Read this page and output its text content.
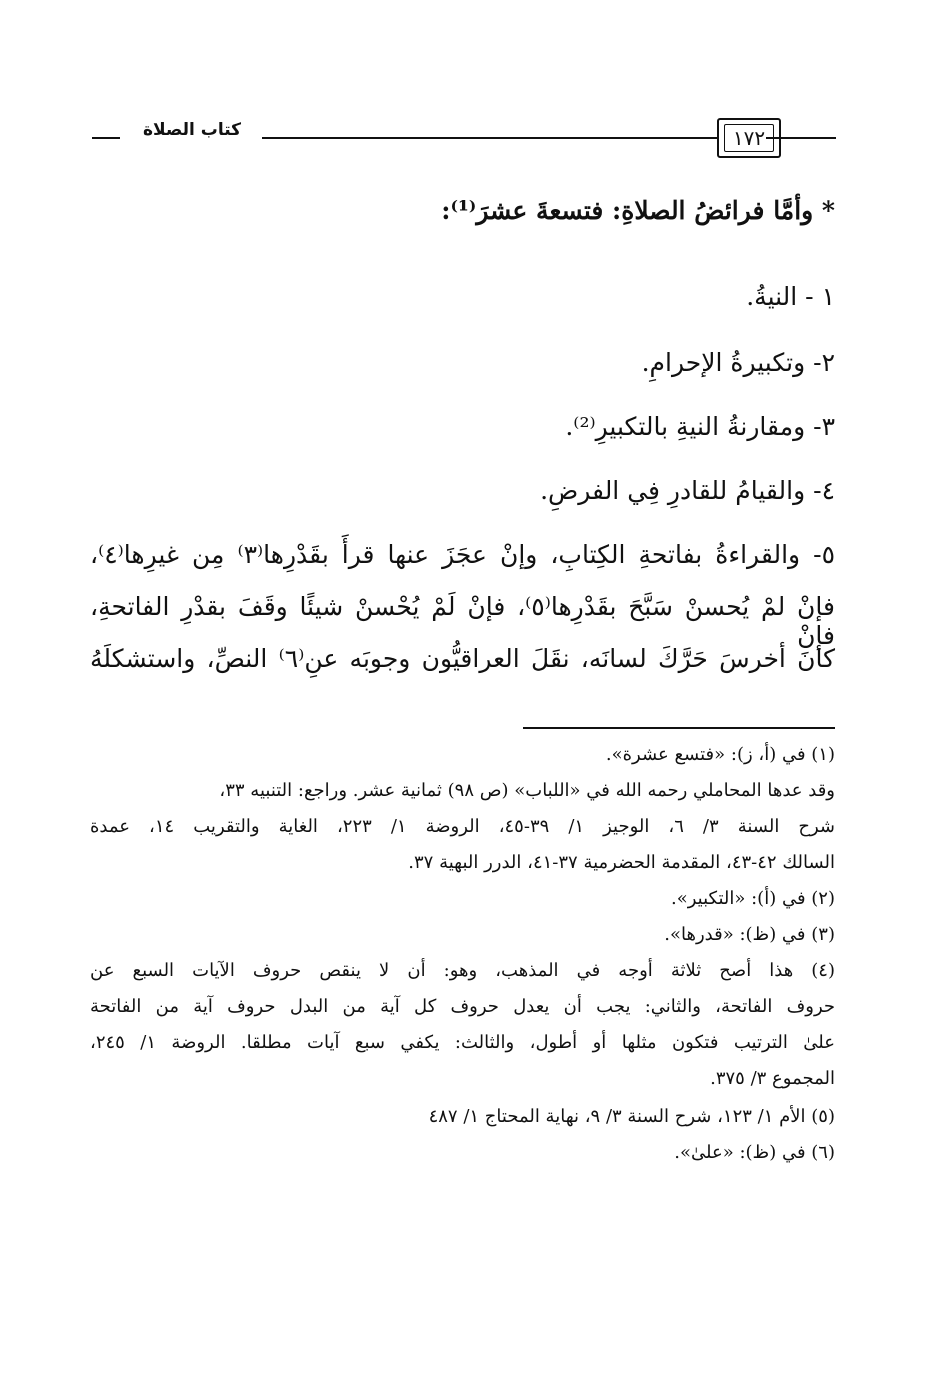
١٧٢
كتاب الصلاة
* وأمَّا فرائضُ الصلاةِ: فتسعةَ عشرَ⁽¹⁾:
١ - النيةُ.
٢- وتكبيرةُ الإحرامِ.
٣- ومقارنةُ النيةِ بالتكبيرِ⁽²⁾.
٤- والقيامُ للقادرِ فِي الفرضِ.
٥- والقراءةُ بفاتحةِ الكِتابِ، وإنْ عجَزَ عنها قرأَ بقَدْرِها⁽٣⁾ مِن غيرِها⁽٤⁾،
فإنْ لمْ يُحسنْ سَبَّحَ بقَدْرِها⁽٥⁾، فإنْ لَمْ يُحْسنْ شيئًا وقَفَ بقدْرِ الفاتحةِ، فإنْ
كانَ أخرسَ حَرَّكَ لسانَه، نقَلَ العراقيُّون وجوبَه عنِ⁽٦⁾ النصِّ، واستشكلَهُ
(١) في (أ، ز): «فتسع عشرة».
وقد عدها المحاملي رحمه الله في «اللباب» (ص ٩٨) ثمانية عشر. وراجع: التنبيه ٣٣،
شرح السنة ٣/ ٦، الوجيز ١/ ٣٩-٤٥، الروضة ١/ ٢٢٣، الغاية والتقريب ١٤، عمدة
السالك ٤٢-٤٣، المقدمة الحضرمية ٣٧-٤١، الدرر البهية ٣٧.
(٢) في (أ): «التكبير».
(٣) في (ظ): «قدرها».
(٤) هذا أصح ثلاثة أوجه في المذهب، وهو: أن لا ينقص حروف الآيات السبع عن
حروف الفاتحة، والثاني: يجب أن يعدل حروف كل آية من البدل حروف آية من الفاتحة
علىٰ الترتيب فتكون مثلها أو أطول، والثالث: يكفي سبع آيات مطلقا. الروضة ١/ ٢٤٥،
المجموع ٣/ ٣٧٥.
(٥) الأم ١/ ١٢٣، شرح السنة ٣/ ٩، نهاية المحتاج ١/ ٤٨٧
(٦) في (ظ): «علىٰ».
